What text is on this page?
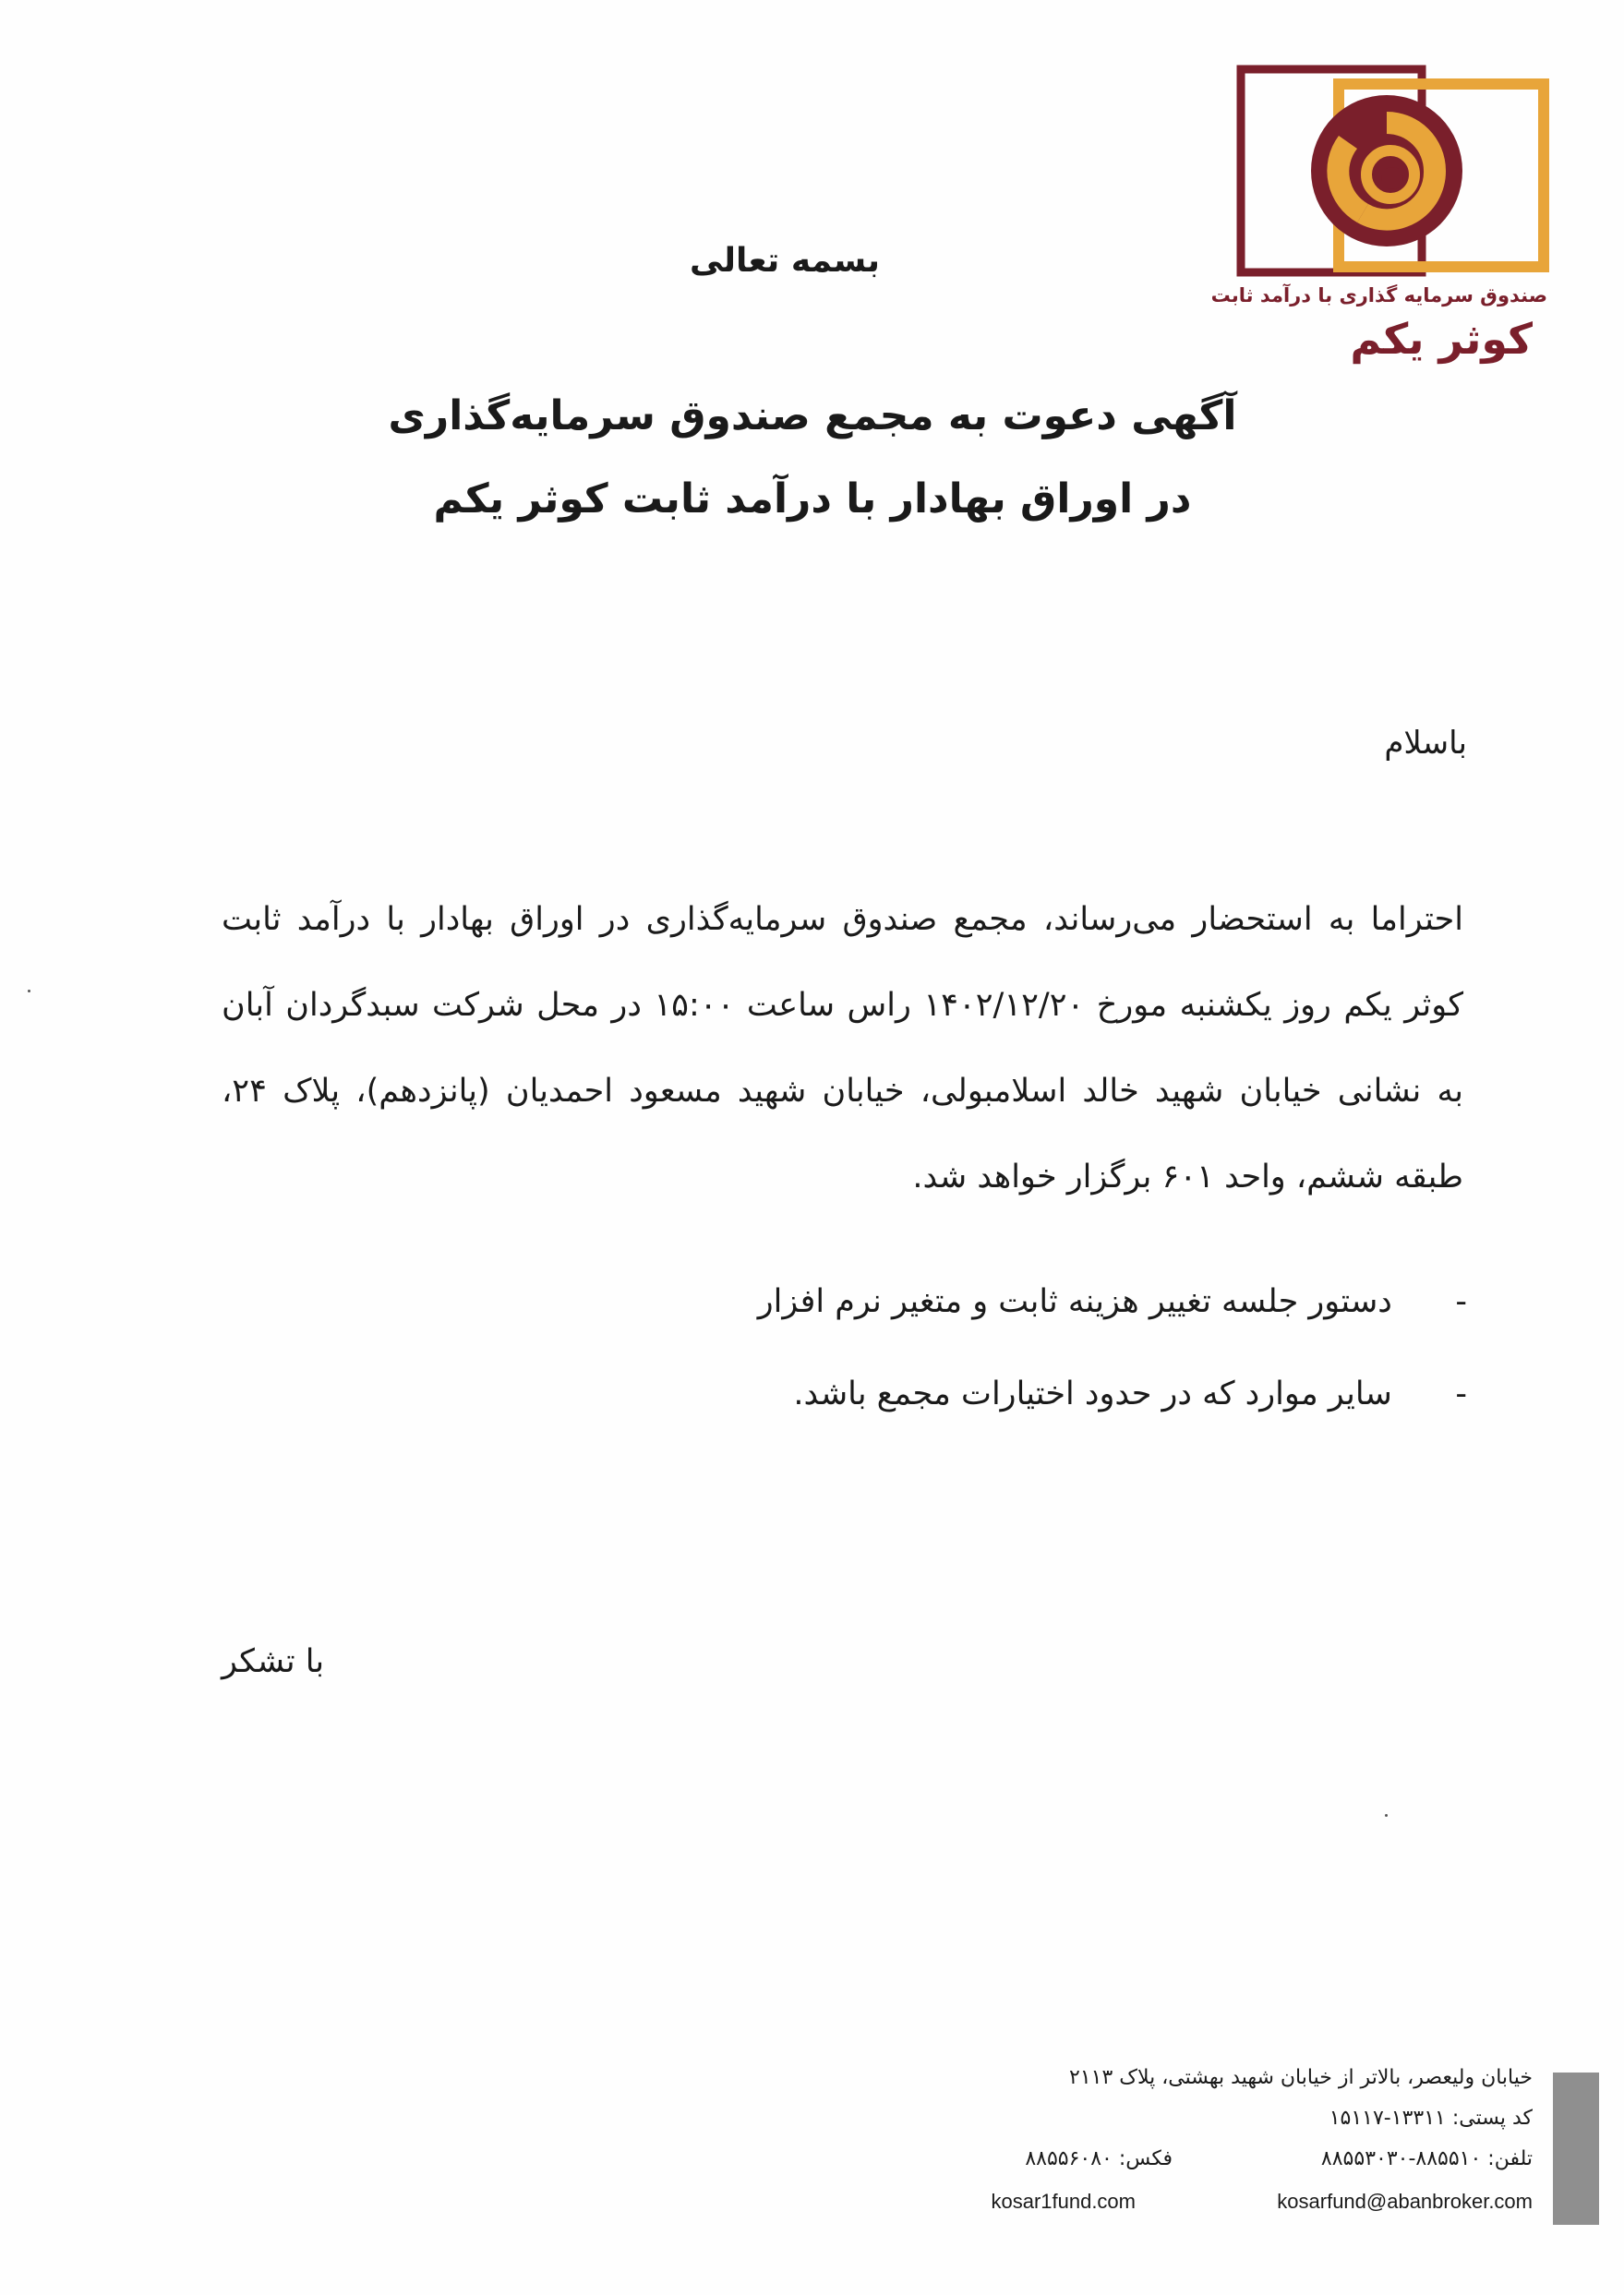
صندوق سرمایه گذاری با درآمد ثابت
کوثر یکم
بسمه تعالی
آگهی دعوت به مجمع صندوق سرمایه‌گذاری
در اوراق بهادار با درآمد ثابت کوثر یکم
باسلام
احتراما به استحضار می‌رساند، مجمع صندوق سرمایه‌گذاری در اوراق بهادار با درآمد ثابت کوثر یکم روز یکشنبه مورخ ۱۴۰۲/۱۲/۲۰ راس ساعت ۱۵:۰۰ در محل شرکت سبدگردان آبان به نشانی خیابان شهید خالد اسلامبولی، خیابان شهید مسعود احمدیان (پانزدهم)، پلاک ۲۴، طبقه ششم، واحد ۶۰۱ برگزار خواهد شد.
- دستور جلسه تغییر هزینه ثابت و متغیر نرم افزار
- سایر موارد که در حدود اختیارات مجمع باشد.
با تشکر
خیابان ولیعصر، بالاتر از خیابان شهید بهشتی، پلاک ۲۱۱۳
کد پستی: ۱۳۳۱۱-۱۵۱۱۷
تلفن: ۸۸۵۵۱۰-۸۸۵۵۳۰۳۰
فکس: ۸۸۵۵۶۰۸۰
kosarfund@abanbroker.com
kosar1fund.com
